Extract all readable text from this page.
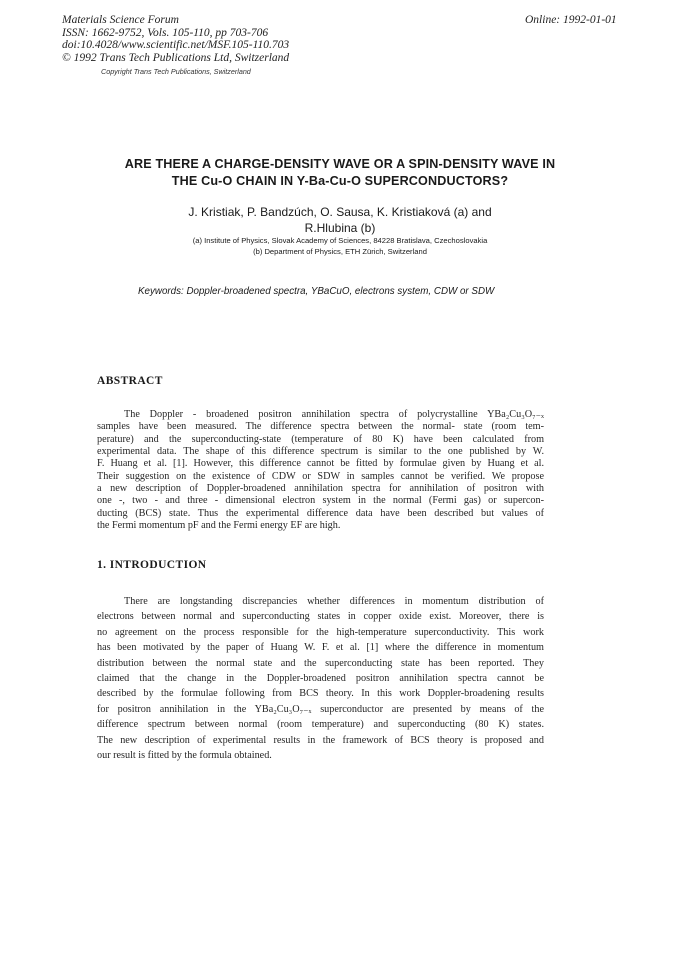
Materials Science Forum
ISSN: 1662-9752, Vols. 105-110, pp 703-706
doi:10.4028/www.scientific.net/MSF.105-110.703
© 1992 Trans Tech Publications Ltd, Switzerland
Copyright Trans Tech Publications, Switzerland
Online: 1992-01-01
ARE THERE A CHARGE-DENSITY WAVE OR A SPIN-DENSITY WAVE IN
THE Cu-O CHAIN IN Y-Ba-Cu-O SUPERCONDUCTORS?
J. Kristiak, P. Bandzúch, O. Sausa, K. Kristiaková (a) and
R.Hlubina (b)
(a) Institute of Physics, Slovak Academy of Sciences, 84228 Bratislava, Czechoslovakia
(b) Department of Physics, ETH Zürich, Switzerland
Keywords: Doppler-broadened spectra, YBaCuO, electrons system, CDW or SDW
ABSTRACT
The Doppler - broadened positron annihilation spectra of polycrystalline YBa₂Cu₃O₇₋ₓ
samples have been measured. The difference spectra between the normal- state (room tem-
perature) and the superconducting-state (temperature of 80 K) have been calculated from
experimental data. The shape of this difference spectrum is similar to the one published by W.
F. Huang et al. [1]. However, this difference cannot be fitted by formulae given by Huang et al.
Their suggestion on the existence of CDW or SDW in samples cannot be verified. We propose
a new description of Doppler-broadened annihilation spectra for annihilation of positron with
one -, two - and three - dimensional electron system in the normal (Fermi gas) or supercon-
ducting (BCS) state. Thus the experimental difference data have been described but values of
the Fermi momentum pF and the Fermi energy EF are high.
1. INTRODUCTION
There are longstanding discrepancies whether differences in momentum distribution of
electrons between normal and superconducting states in copper oxide exist. Moreover, there is
no agreement on the process responsible for the high-temperature superconductivity. This work
has been motivated by the paper of Huang W. F. et al. [1] where the difference in momentum
distribution between the normal state and the superconducting state has been reported. They
claimed that the change in the Doppler-broadened positron annihilation spectra cannot be
described by the formulae following from BCS theory. In this work Doppler-broadening results
for positron annihilation in the YBa₂Cu₃O₇₋ₓ superconductor are presented by means of the
difference spectrum between normal (room temperature) and superconducting (80 K) states.
The new description of experimental results in the framework of BCS theory is proposed and
our result is fitted by the formula obtained.
